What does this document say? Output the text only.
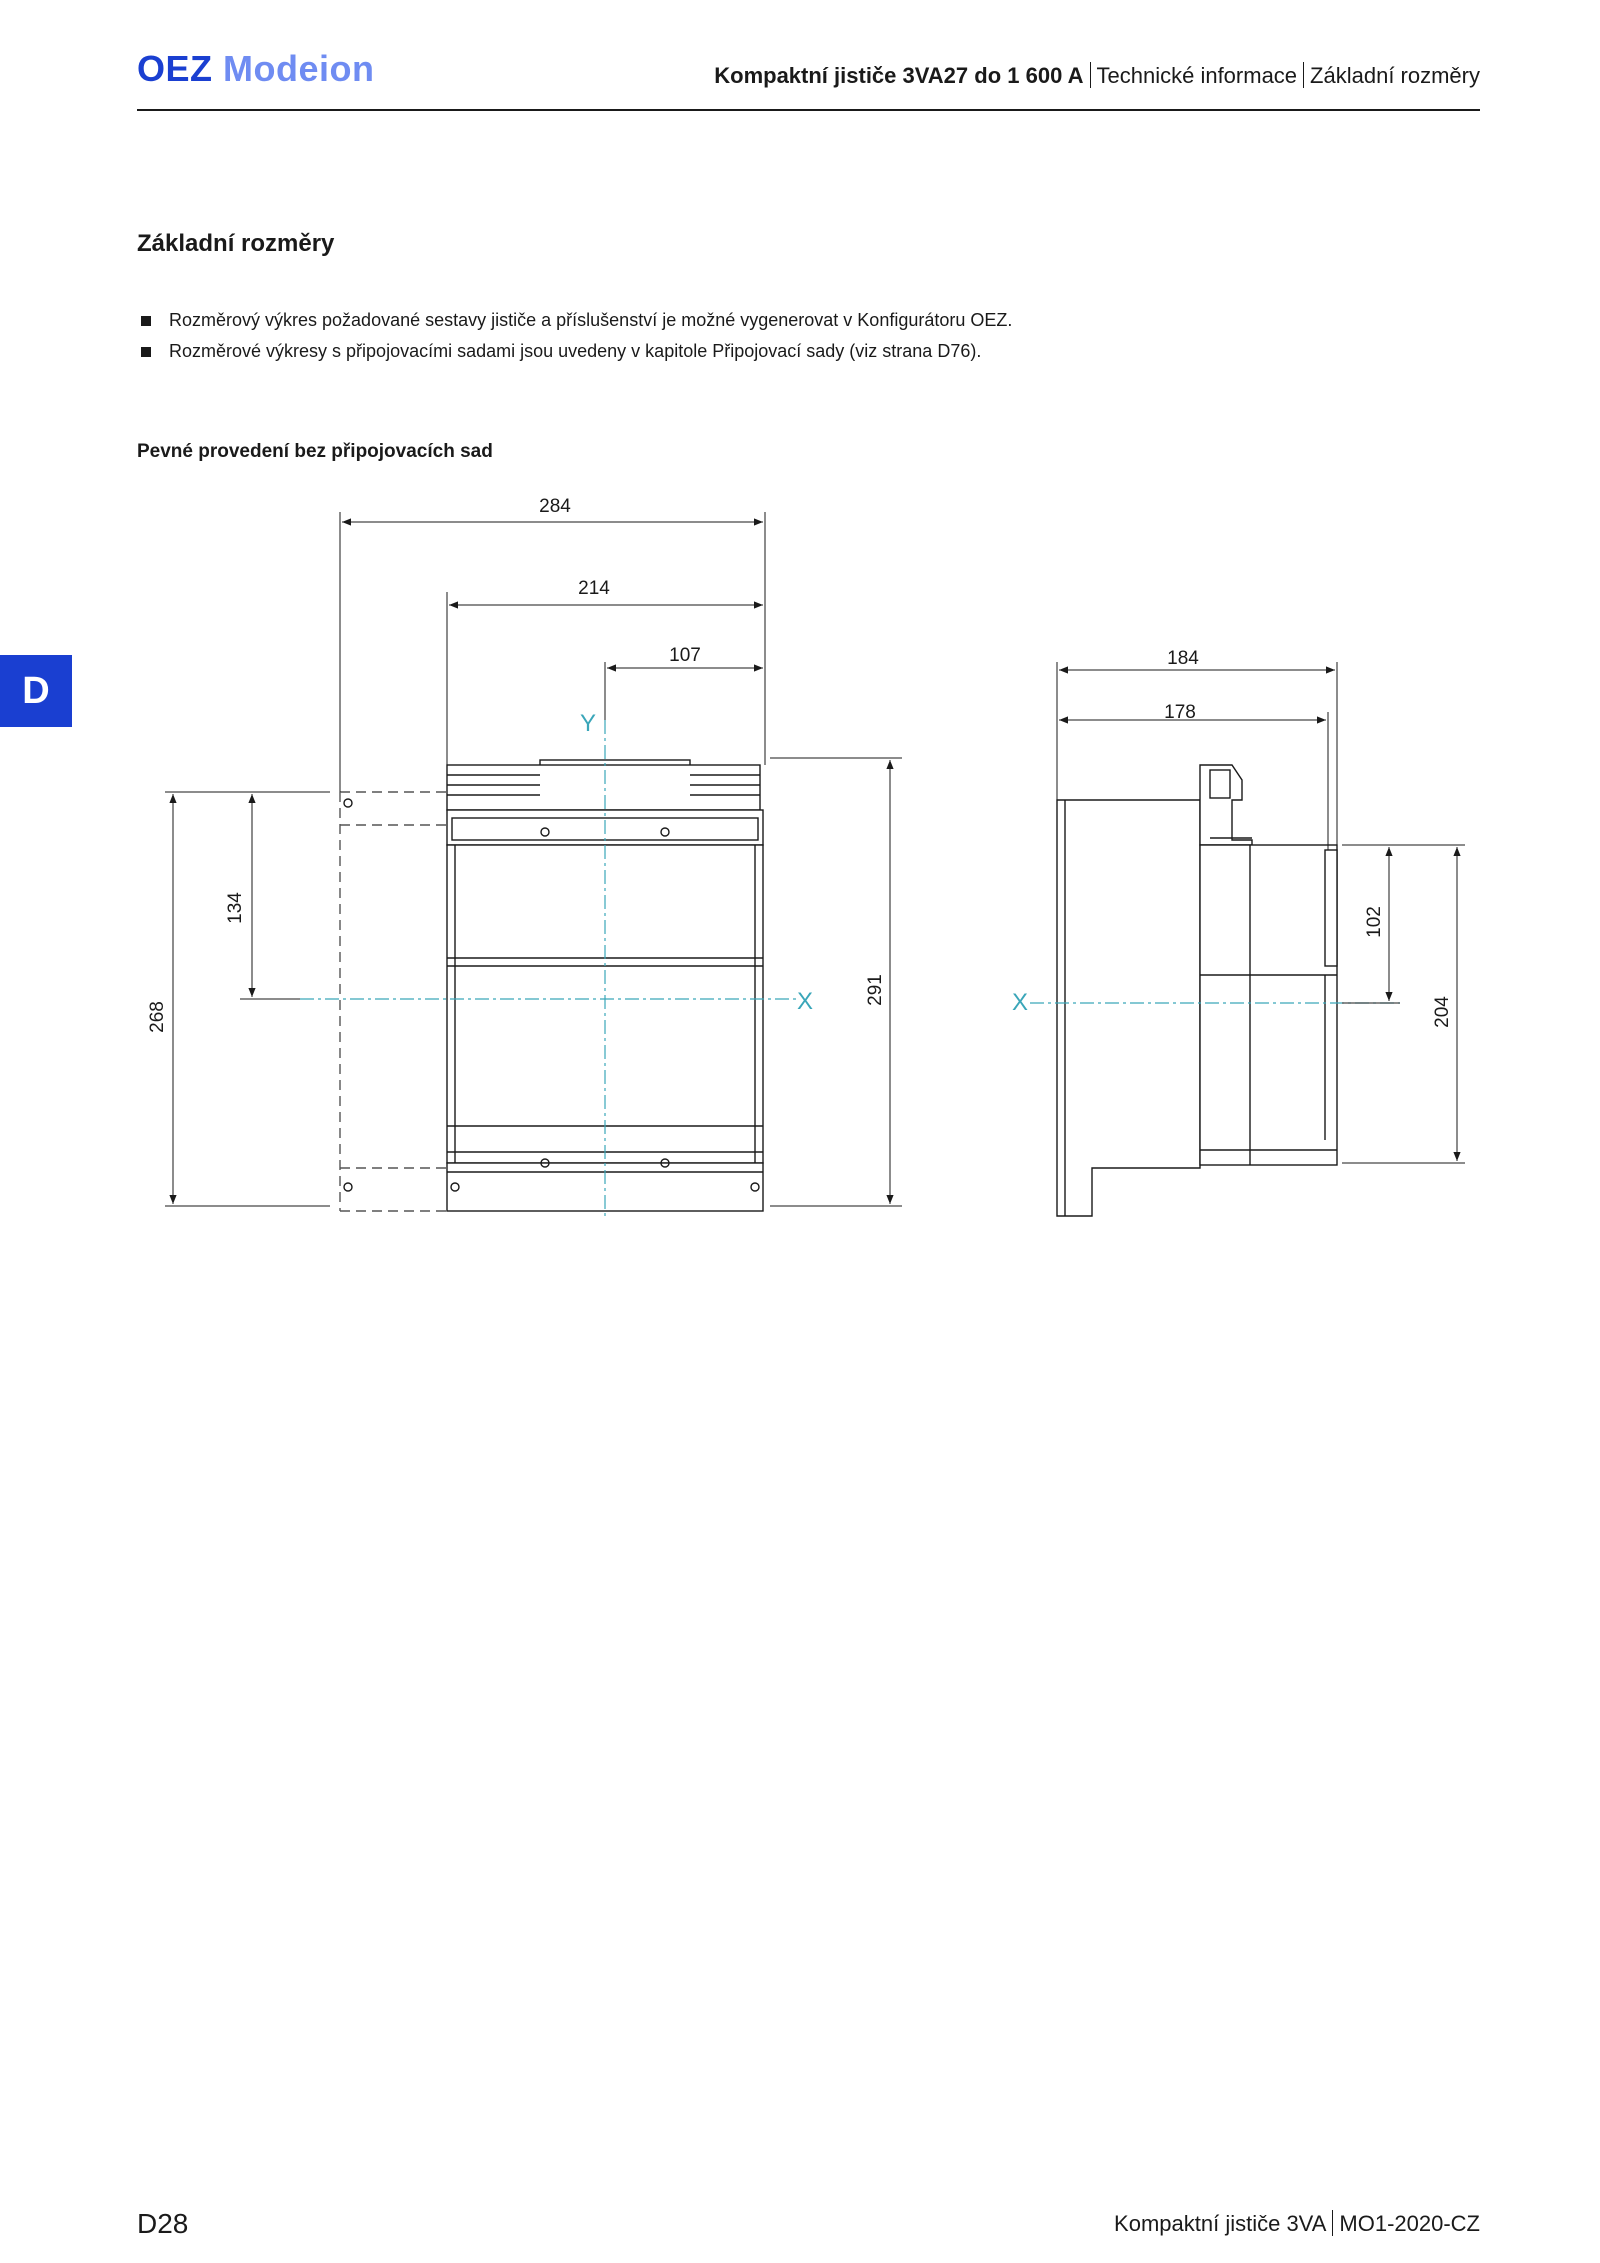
OEZ Modeion	Kompaktní jističe 3VA27 do 1 600 A Technické informace Základní rozměry
D
Základní rozměry
Rozměrový výkres požadované sestavy jističe a příslušenství je možné vygenerovat v Konfigurátoru OEZ.
Rozměrové výkresy s připojovacími sadami jsou uvedeny v kapitole Připojovací sady (viz strana D76).
Pevné provedení bez připojovacích sad
Y
X
284
214
107
268
134
291	X
184
178
102
204
D28	Kompaktní jističe 3VA MO1-2020-CZ
